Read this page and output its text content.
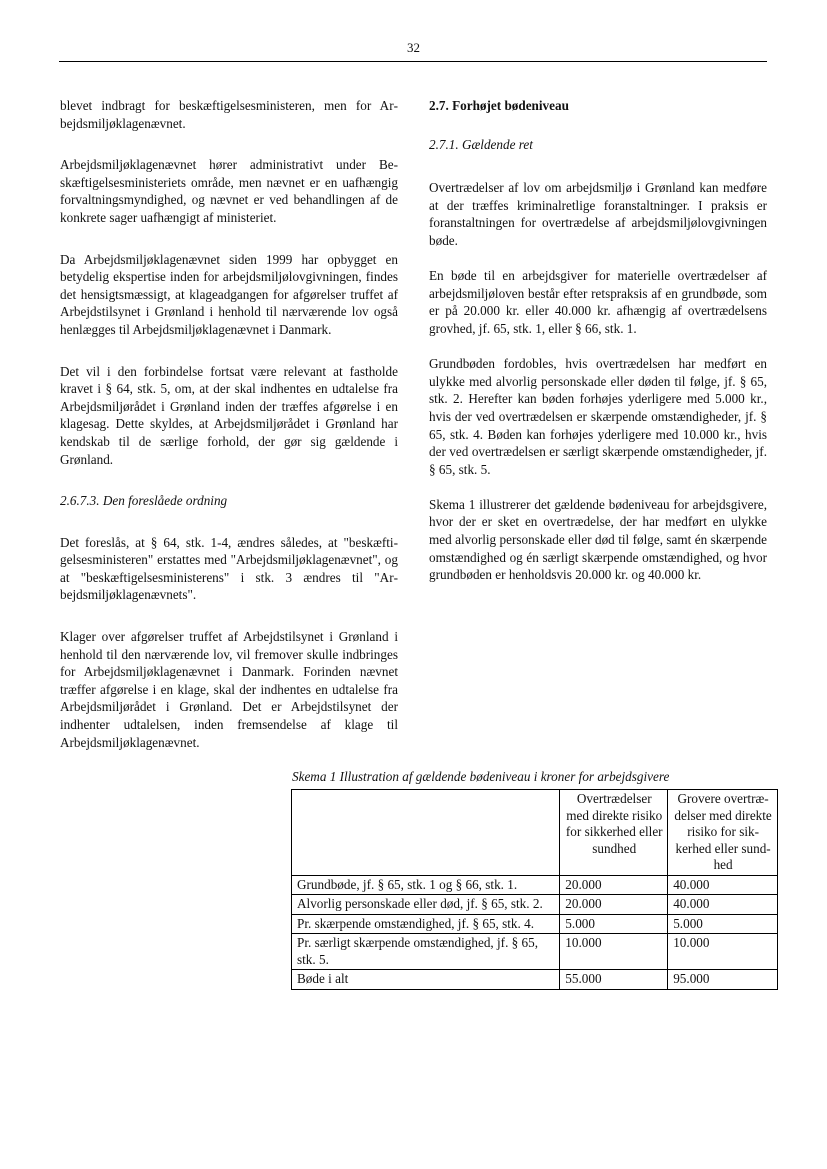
32

blevet indbragt for beskæftigelsesministeren, men for Arbejdsmiljøklagenævnet.

Arbejdsmiljøklagenævnet hører administrativt under Beskæftigelsesministeriets område, men nævnet er en uafhængig forvaltningsmyndighed, og nævnet er ved behandlingen af de konkrete sager uafhængigt af ministeriet.

Da Arbejdsmiljøklagenævnet siden 1999 har opbygget en betydelig ekspertise inden for arbejdsmiljølovgivningen, findes det hensigtsmæssigt, at klageadgangen for afgørelser truffet af Arbejdstilsynet i Grønland i henhold til nærværende lov også henlægges til Arbejdsmiljøklagenævnet i Danmark.

Det vil i den forbindelse fortsat være relevant at fastholde kravet i § 64, stk. 5, om, at der skal indhentes en udtalelse fra Arbejdsmiljørådet i Grønland inden der træffes afgørelse i en klagesag. Dette skyldes, at Arbejdsmiljørådet i Grønland har kendskab til de særlige forhold, der gør sig gældende i Grønland.

2.6.7.3. Den foreslåede ordning

Det foreslås, at § 64, stk. 1-4, ændres således, at "beskæftigelsesministeren" erstattes med "Arbejdsmiljøklagenævnet", og at "beskæftigelsesministerens" i stk. 3 ændres til "Arbejdsmiljøklagenævnets".

Klager over afgørelser truffet af Arbejdstilsynet i Grønland i henhold til den nærværende lov, vil fremover skulle indbringes for Arbejdsmiljøklagenævnet i Danmark. Forinden nævnet træffer afgørelse i en klage, skal der indhentes en udtalelse fra Arbejdsmiljørådet i Grønland. Det er Arbejdstilsynet der indhenter udtalelsen, inden fremsendelse af klage til Arbejdsmiljøklagenævnet.

2.7. Forhøjet bødeniveau

2.7.1. Gældende ret

Overtrædelser af lov om arbejdsmiljø i Grønland kan medføre at der træffes kriminalretlige foranstaltninger. I praksis er foranstaltningen for overtrædelse af arbejdsmiljølovgivningen bøde.

En bøde til en arbejdsgiver for materielle overtrædelser af arbejdsmiljøloven består efter retspraksis af en grundbøde, som er på 20.000 kr. eller 40.000 kr. afhængig af overtrædelsens grovhed, jf. 65, stk. 1, eller § 66, stk. 1.

Grundbøden fordobles, hvis overtrædelsen har medført en ulykke med alvorlig personskade eller døden til følge, jf. § 65, stk. 2. Herefter kan bøden forhøjes yderligere med 5.000 kr., hvis der ved overtrædelsen er skærpende omstændigheder, jf. § 65, stk. 4. Bøden kan forhøjes yderligere med 10.000 kr., hvis der ved overtrædelsen er særligt skærpende omstændigheder, jf. § 65, stk. 5.

Skema 1 illustrerer det gældende bødeniveau for arbejdsgivere, hvor der er sket en overtrædelse, der har medført en ulykke med alvorlig personskade eller død til følge, samt én skærpende omstændighed og én særligt skærpende omstændighed, og hvor grundbøden er henholdsvis 20.000 kr. og 40.000 kr.

Skema 1 Illustration af gældende bødeniveau i kroner for arbejdsgivere
	Overtrædelser med direkte risiko for sikkerhed eller sundhed	Grovere overtrædelser med direkte risiko for sikkerhed eller sundhed
Grundbøde, jf. § 65, stk. 1 og § 66, stk. 1.	20.000	40.000
Alvorlig personskade eller død, jf. § 65, stk. 2.	20.000	40.000
Pr. skærpende omstændighed, jf. § 65, stk. 4.	5.000	5.000
Pr. særligt skærpende omstændighed, jf. § 65, stk. 5.	10.000	10.000
Bøde i alt	55.000	95.000
